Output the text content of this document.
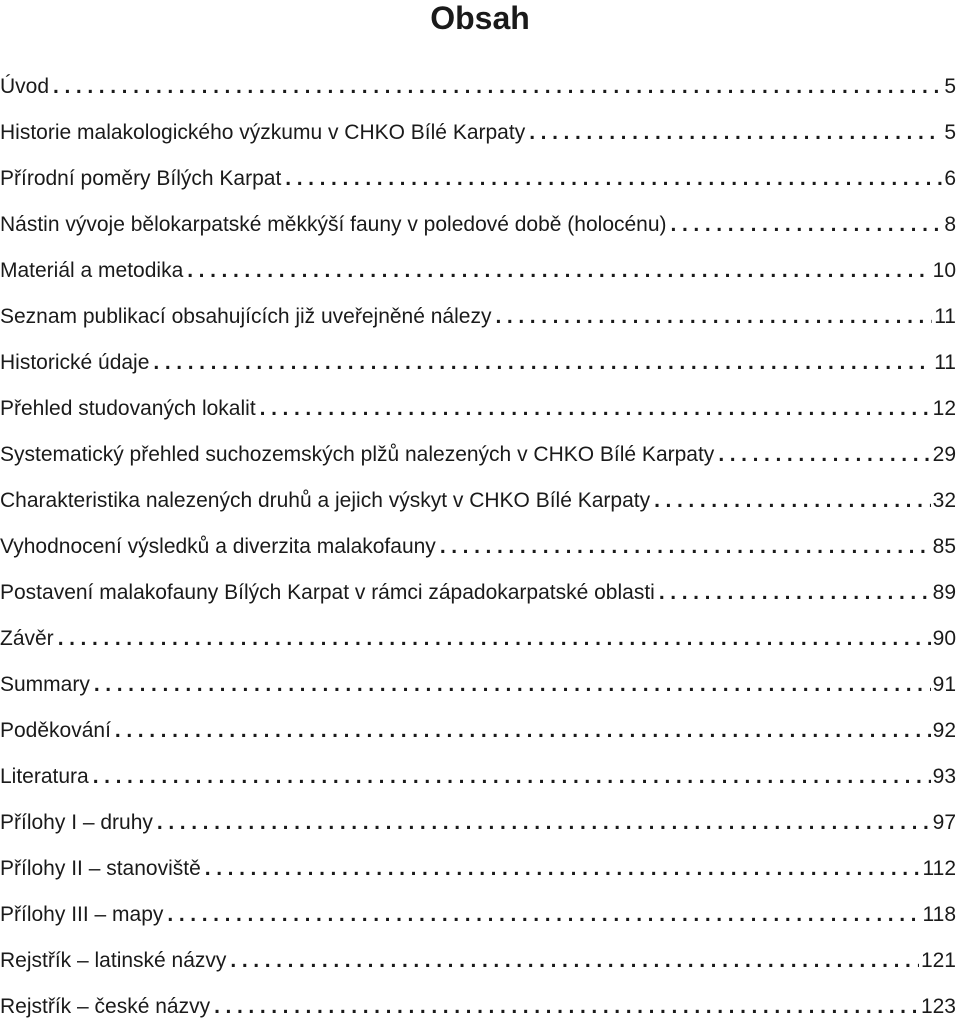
Obsah
Úvod .....	5
Historie malakologického výzkumu v CHKO Bílé Karpaty .....	5
Přírodní poměry Bílých Karpat .....	6
Nástin vývoje bělokarpatské měkkýší fauny v poledové době (holocénu) .....	8
Materiál a metodika .....	10
Seznam publikací obsahujících již uveřejněné nálezy .....	11
Historické údaje .....	11
Přehled studovaných lokalit .....	12
Systematický přehled suchozemských plžů nalezených v CHKO Bílé Karpaty .....	29
Charakteristika nalezených druhů a jejich výskyt v CHKO Bílé Karpaty .....	32
Vyhodnocení výsledků a diverzita malakofauny .....	85
Postavení malakofauny Bílých Karpat v rámci západokarpatské oblasti .....	89
Závěr .....	90
Summary .....	91
Poděkování .....	92
Literatura .....	93
Přílohy I – druhy .....	97
Přílohy II – stanoviště .....	112
Přílohy III – mapy .....	118
Rejstřík – latinské názvy .....	121
Rejstřík – české názvy .....	123
